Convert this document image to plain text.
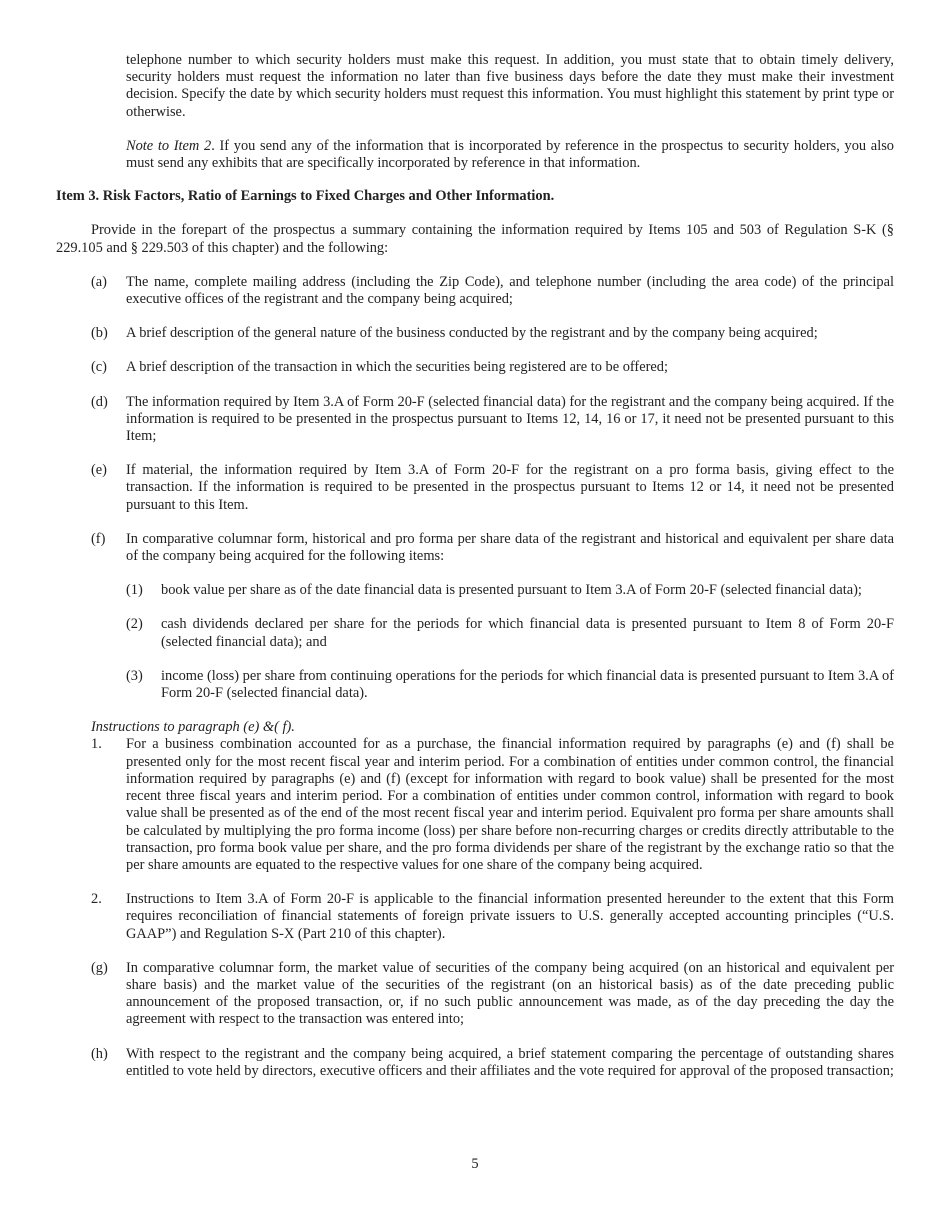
telephone number to which security holders must make this request. In addition, you must state that to obtain timely delivery, security holders must request the information no later than five business days before the date they must make their investment decision. Specify the date by which security holders must request this information. You must highlight this statement by print type or otherwise.

Note to Item 2. If you send any of the information that is incorporated by reference in the prospectus to security holders, you also must send any exhibits that are specifically incorporated by reference in that information.

Item 3. Risk Factors, Ratio of Earnings to Fixed Charges and Other Information.

Provide in the forepart of the prospectus a summary containing the information required by Items 105 and 503 of Regulation S-K (§ 229.105 and § 229.503 of this chapter) and the following:

(a)	The name, complete mailing address (including the Zip Code), and telephone number (including the area code) of the principal executive offices of the registrant and the company being acquired;
(b)	A brief description of the general nature of the business conducted by the registrant and by the company being acquired;
(c)	A brief description of the transaction in which the securities being registered are to be offered;
(d)	The information required by Item 3.A of Form 20-F (selected financial data) for the registrant and the company being acquired. If the information is required to be presented in the prospectus pursuant to Items 12, 14, 16 or 17, it need not be presented pursuant to this Item;
(e)	If material, the information required by Item 3.A of Form 20-F for the registrant on a pro forma basis, giving effect to the transaction. If the information is required to be presented in the prospectus pursuant to Items 12 or 14, it need not be presented pursuant to this Item.
(f)	In comparative columnar form, historical and pro forma per share data of the registrant and historical and equivalent per share data of the company being acquired for the following items:
(1)	book value per share as of the date financial data is presented pursuant to Item 3.A of Form 20-F (selected financial data);
(2)	cash dividends declared per share for the periods for which financial data is presented pursuant to Item 8 of Form 20-F (selected financial data); and
(3)	income (loss) per share from continuing operations for the periods for which financial data is presented pursuant to Item 3.A of Form 20-F (selected financial data).

Instructions to paragraph (e) &( f).

1.	For a business combination accounted for as a purchase, the financial information required by paragraphs (e) and (f) shall be presented only for the most recent fiscal year and interim period. For a combination of entities under common control, the financial information required by paragraphs (e) and (f) (except for information with regard to book value) shall be presented for the most recent three fiscal years and interim period. For a combination of entities under common control, information with regard to book value shall be presented as of the end of the most recent fiscal year and interim period. Equivalent pro forma per share amounts shall be calculated by multiplying the pro forma income (loss) per share before non-recurring charges or credits directly attributable to the transaction, pro forma book value per share, and the pro forma dividends per share of the registrant by the exchange ratio so that the per share amounts are equated to the respective values for one share of the company being acquired.
2.	Instructions to Item 3.A of Form 20-F is applicable to the financial information presented hereunder to the extent that this Form requires reconciliation of financial statements of foreign private issuers to U.S. generally accepted accounting principles (“U.S. GAAP”) and Regulation S-X (Part 210 of this chapter).
(g)	In comparative columnar form, the market value of securities of the company being acquired (on an historical and equivalent per share basis) and the market value of the securities of the registrant (on an historical basis) as of the date preceding public announcement of the proposed transaction, or, if no such public announcement was made, as of the day preceding the day the agreement with respect to the transaction was entered into;
(h)	With respect to the registrant and the company being acquired, a brief statement comparing the percentage of outstanding shares entitled to vote held by directors, executive officers and their affiliates and the vote required for approval of the proposed transaction;
5
